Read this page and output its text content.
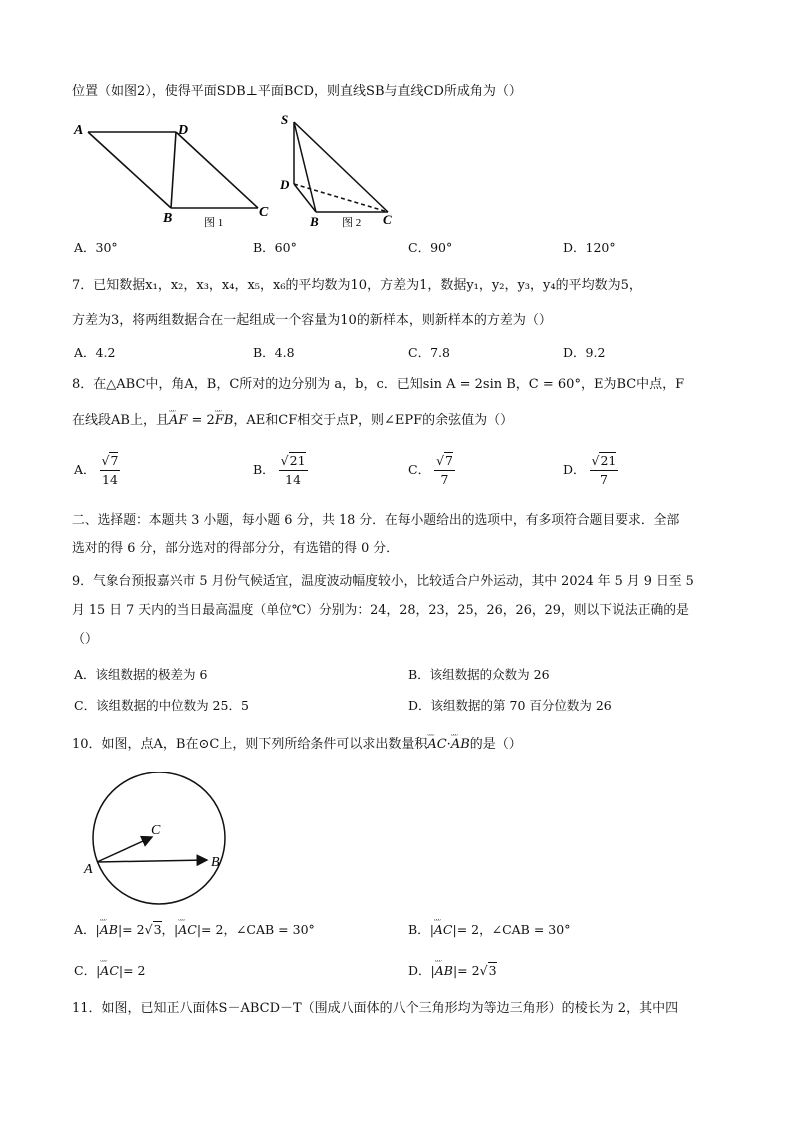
位置（如图2），使得平面SDB⊥平面BCD，则直线SB与直线CD所成角为（）
A	D
B	C
图 1
S
D
B	C
图 2
A．30°	B．60°	C．90°	D．120°
7．已知数据x₁，x₂，x₃，x₄，x₅，x₆的平均数为10，方差为1，数据y₁，y₂，y₃，y₄的平均数为5，
方差为3，将两组数据合在一起组成一个容量为10的新样本，则新样本的方差为（）
A．4.2	B．4.8	C．7.8	D．9.2
8．在△ABC中，角A，B，C所对的边分别为 a，b，c．已知sin A = 2sin B，C = 60°，E为BC中点，F
在线段AB上，且ᵕᵕᵕ AF = 2ᵕᵕᵕ FB，AE和CF相交于点P，则∠EPF的余弦值为（）
A． $\frac{√7}{14}$	B． $\frac{√21}{14}$	C． $\frac{√7}{7}$	D． $\frac{√21}{7}$
二、选择题：本题共 3 小题，每小题 6 分，共 18 分．在每小题给出的选项中，有多项符合题目要求．全部
选对的得 6 分，部分选对的得部分分，有选错的得 0 分．
9．气象台预报嘉兴市 5 月份气候适宜，温度波动幅度较小，比较适合户外运动，其中 2024 年 5 月 9 日至 5
月 15 日 7 天内的当日最高温度（单位℃）分别为：24，28，23，25，26，26，29，则以下说法正确的是
（）
A．该组数据的极差为 6	B．该组数据的众数为 26
C．该组数据的中位数为 25．5	D．该组数据的第 70 百分位数为 26
10．如图，点A，B在⊙C上，则下列所给条件可以求出数量积ᵕᵕᵕ AC·ᵕᵕᵕ AB的是（）
A	B
C
A．|ᵕᵕᵕ AB|= 2√3，|ᵕᵕᵕ AC|= 2，∠CAB = 30°	B．|ᵕᵕᵕ AC|= 2，∠CAB = 30°
C．|ᵕᵕᵕ AC|= 2	D．|ᵕᵕᵕ AB|= 2√3
11．如图，已知正八面体S－ABCD－T（围成八面体的八个三角形均为等边三角形）的棱长为 2，其中四
